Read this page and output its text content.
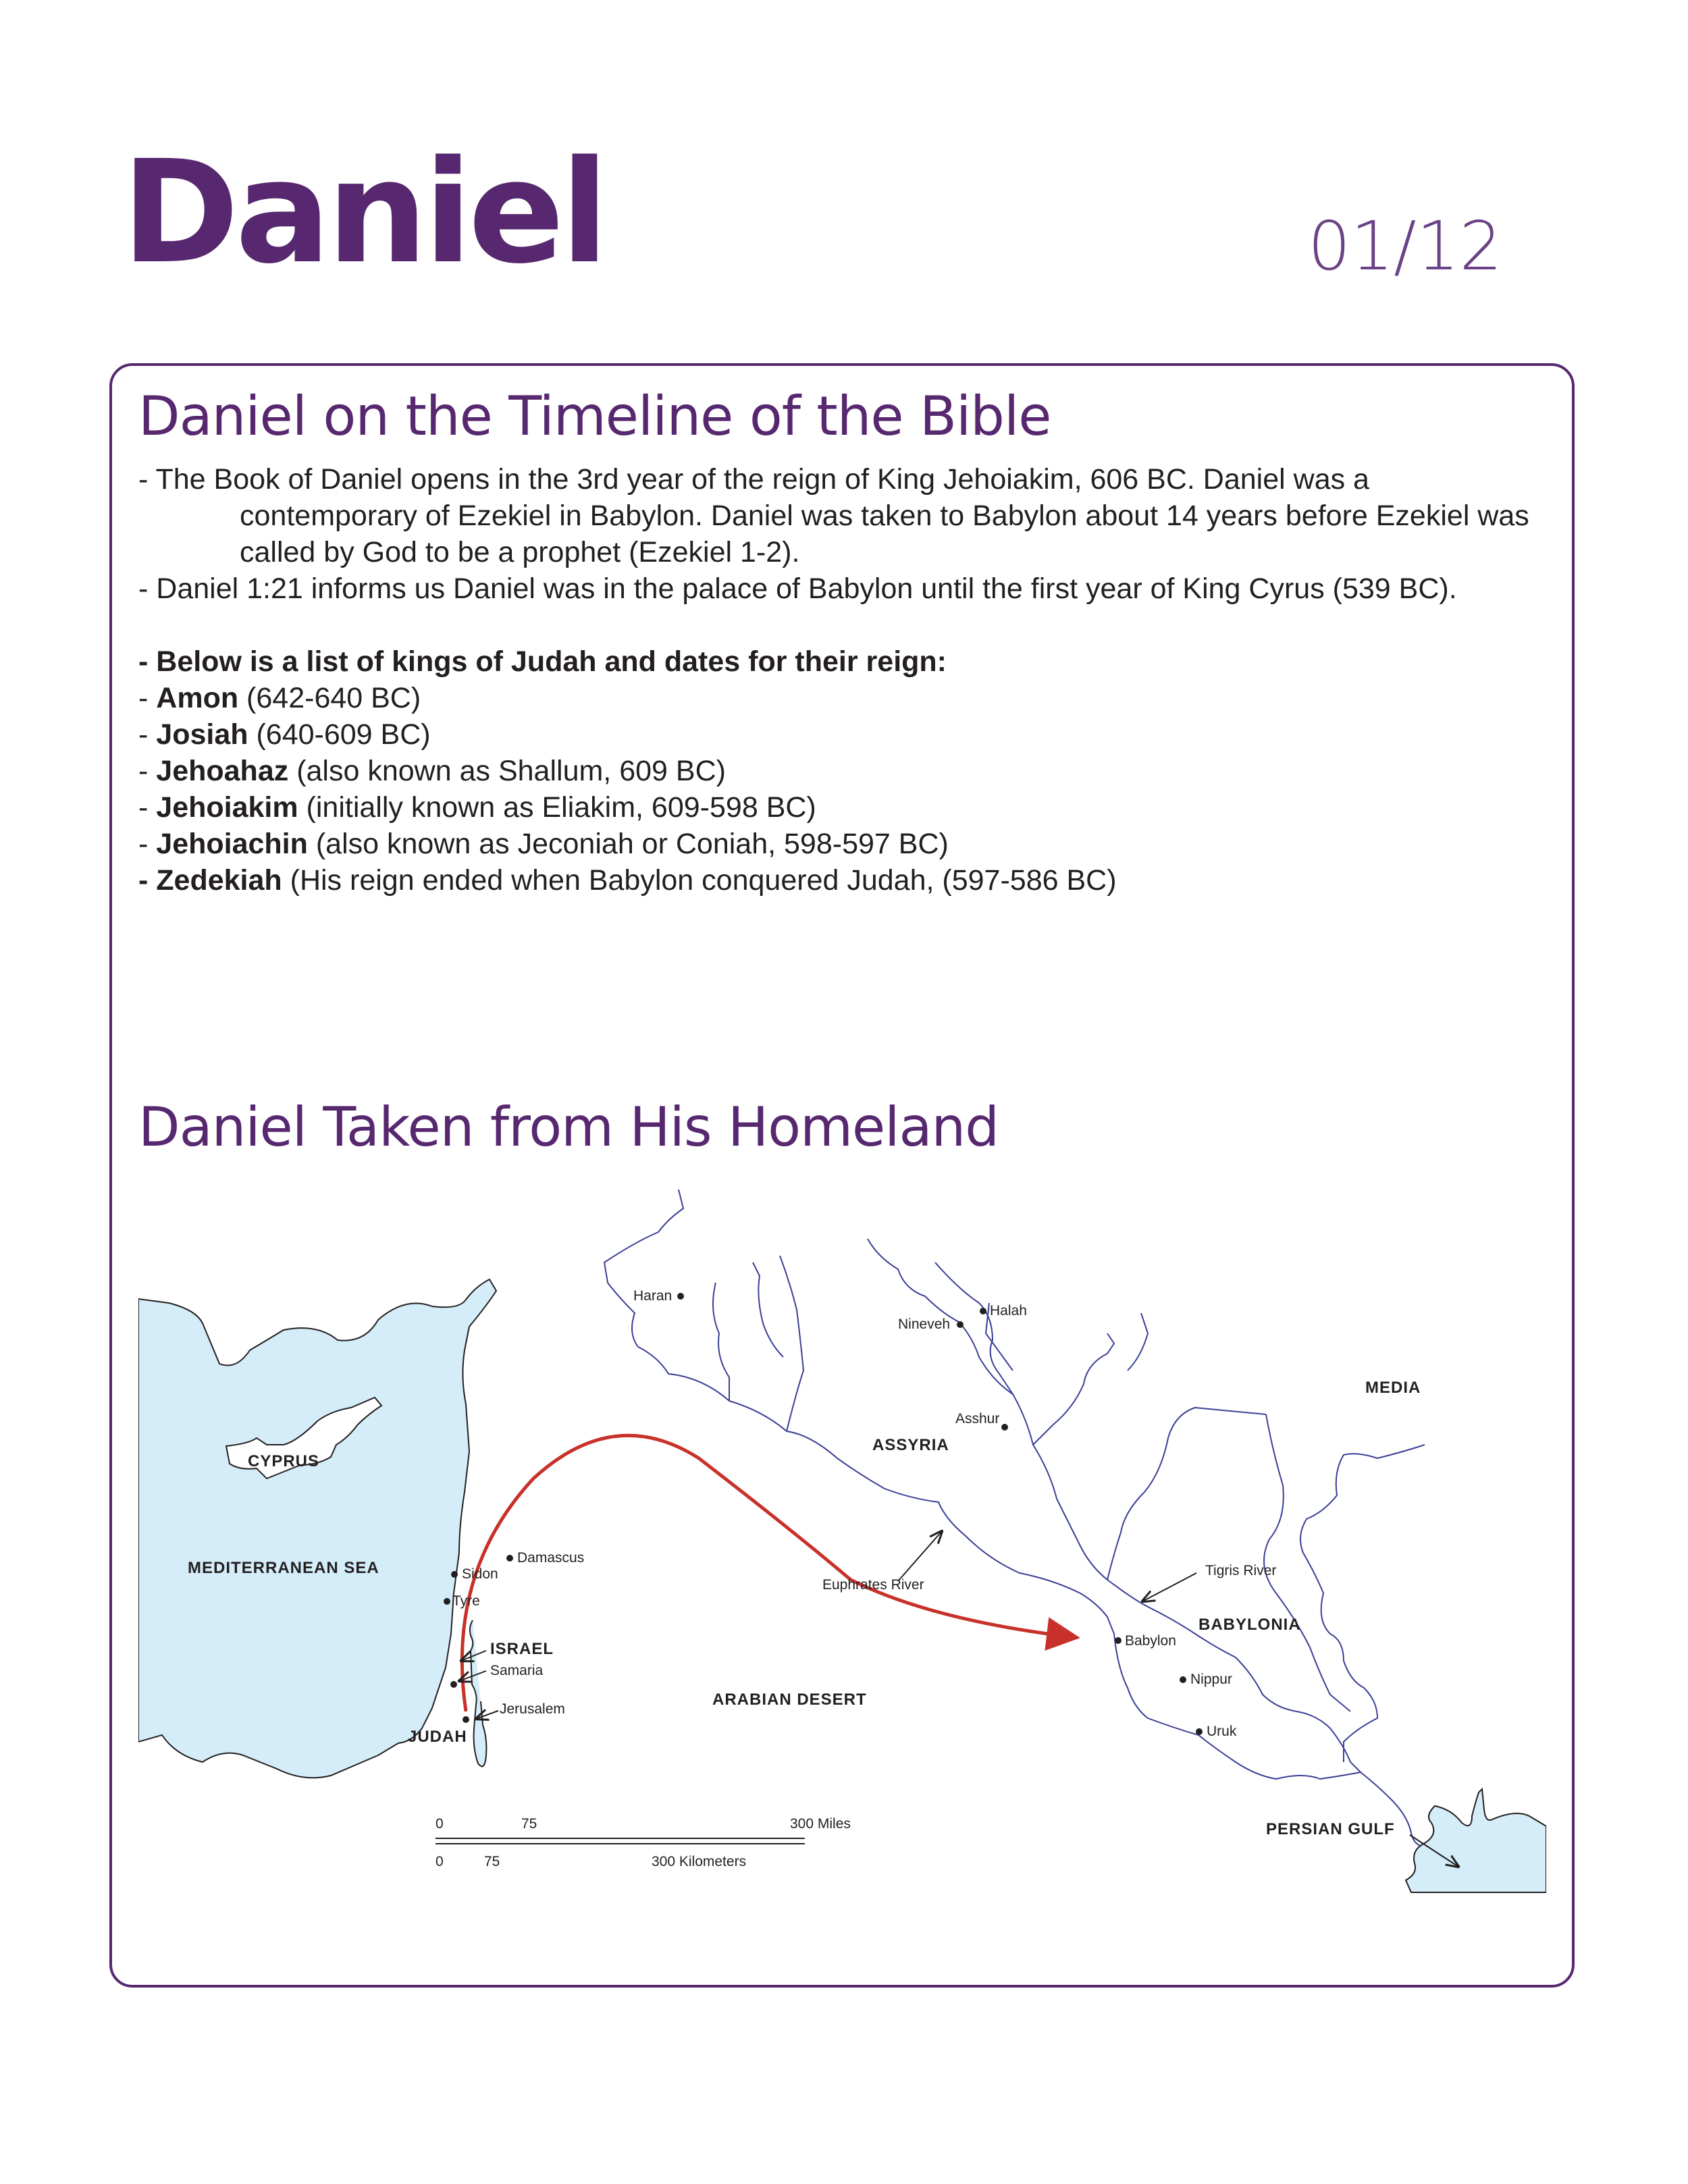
Daniel	01/12
Daniel on the Timeline of the Bible

- The Book of Daniel opens in the 3rd year of the reign of King Jehoiakim, 606 BC. Daniel was a contemporary of Ezekiel in Babylon. Daniel was taken to Babylon about 14 years before Ezekiel was called by God to be a prophet (Ezekiel 1-2).

- Daniel 1:21 informs us Daniel was in the palace of Babylon until the first year of King Cyrus (539 BC).

- Below is a list of kings of Judah and dates for their reign:

- Amon (642-640 BC)

- Josiah (640-609 BC)

- Jehoahaz (also known as Shallum, 609 BC)

- Jehoiakim (initially known as Eliakim, 609-598 BC)

- Jehoiachin (also known as Jeconiah or Coniah, 598-597 BC)

- Zedekiah (His reign ended when Babylon conquered Judah, (597-586 BC)

Daniel Taken from His Homeland
MEDITERRANEAN SEA
CYPRUS
ASSYRIA
MEDIA
BABYLONIA
ARABIAN DESERT
PERSIAN GULF
ISRAEL
JUDAH
Haran
Nineveh
Halah
Asshur
Damascus
Sidon
Tyre
Samaria
Jerusalem
Babylon
Nippur
Uruk
Euphrates River
Tigris River
0	75	300 Miles
0	75	300 Kilometers
